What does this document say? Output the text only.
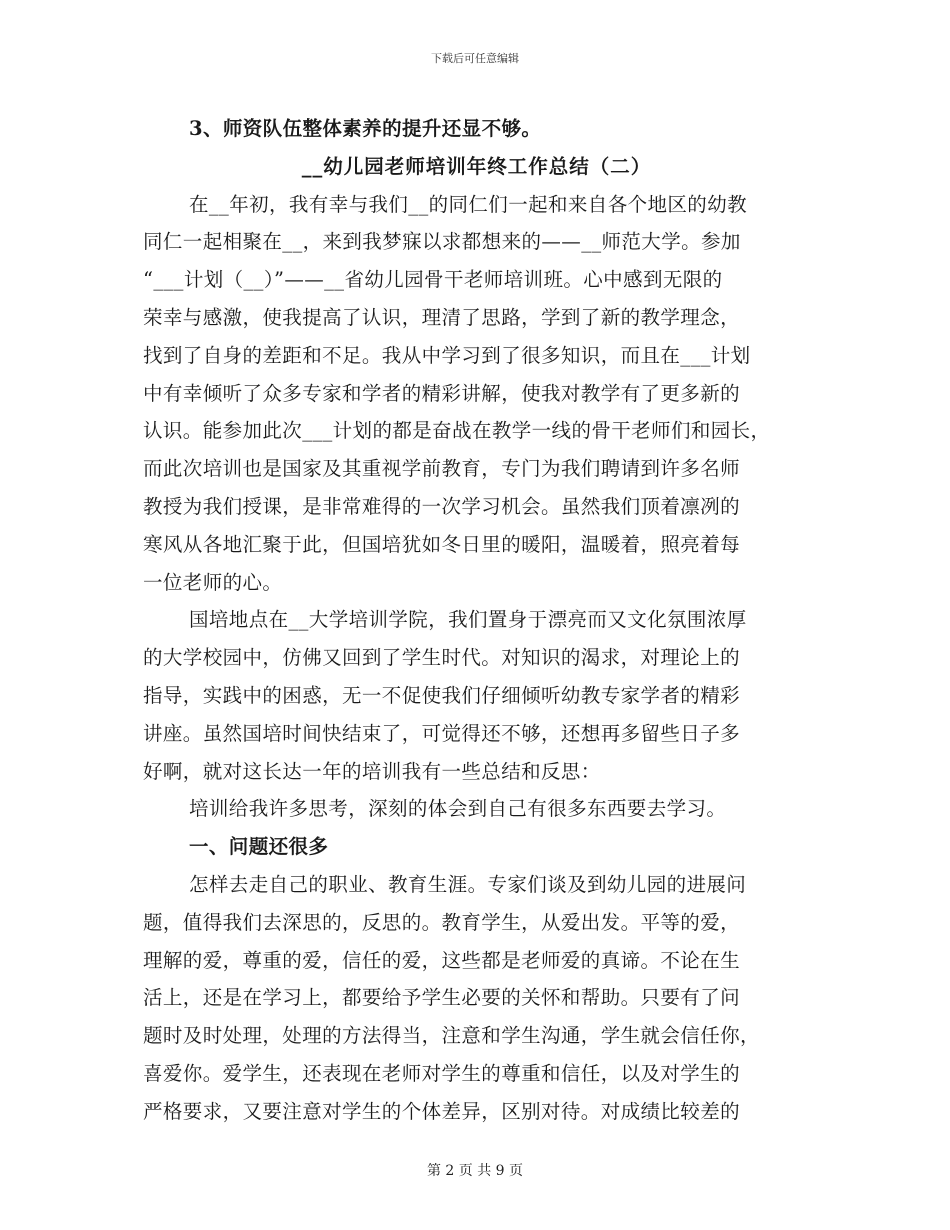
下载后可任意编辑
3、师资队伍整体素养的提升还显不够。
__幼儿园老师培训年终工作总结（二）
在__年初，我有幸与我们__的同仁们一起和来自各个地区的幼教
同仁一起相聚在__，来到我梦寐以求都想来的——__师范大学。参加
“___计划（__）”——__省幼儿园骨干老师培训班。心中感到无限的
荣幸与感激，使我提高了认识，理清了思路，学到了新的教学理念，
找到了自身的差距和不足。我从中学习到了很多知识，而且在___计划
中有幸倾听了众多专家和学者的精彩讲解，使我对教学有了更多新的
认识。能参加此次___计划的都是奋战在教学一线的骨干老师们和园长，
而此次培训也是国家及其重视学前教育，专门为我们聘请到许多名师
教授为我们授课，是非常难得的一次学习机会。虽然我们顶着凛冽的
寒风从各地汇聚于此，但国培犹如冬日里的暖阳，温暖着，照亮着每
一位老师的心。
国培地点在__大学培训学院，我们置身于漂亮而又文化氛围浓厚
的大学校园中，仿佛又回到了学生时代。对知识的渴求，对理论上的
指导，实践中的困惑，无一不促使我们仔细倾听幼教专家学者的精彩
讲座。虽然国培时间快结束了，可觉得还不够，还想再多留些日子多
好啊，就对这长达一年的培训我有一些总结和反思：
培训给我许多思考，深刻的体会到自己有很多东西要去学习。
一、问题还很多
怎样去走自己的职业、教育生涯。专家们谈及到幼儿园的进展问
题，值得我们去深思的，反思的。教育学生，从爱出发。平等的爱，
理解的爱，尊重的爱，信任的爱，这些都是老师爱的真谛。不论在生
活上，还是在学习上，都要给予学生必要的关怀和帮助。只要有了问
题时及时处理，处理的方法得当，注意和学生沟通，学生就会信任你，
喜爱你。爱学生，还表现在老师对学生的尊重和信任，以及对学生的
严格要求，又要注意对学生的个体差异，区别对待。对成绩比较差的
第 2 页 共 9 页
